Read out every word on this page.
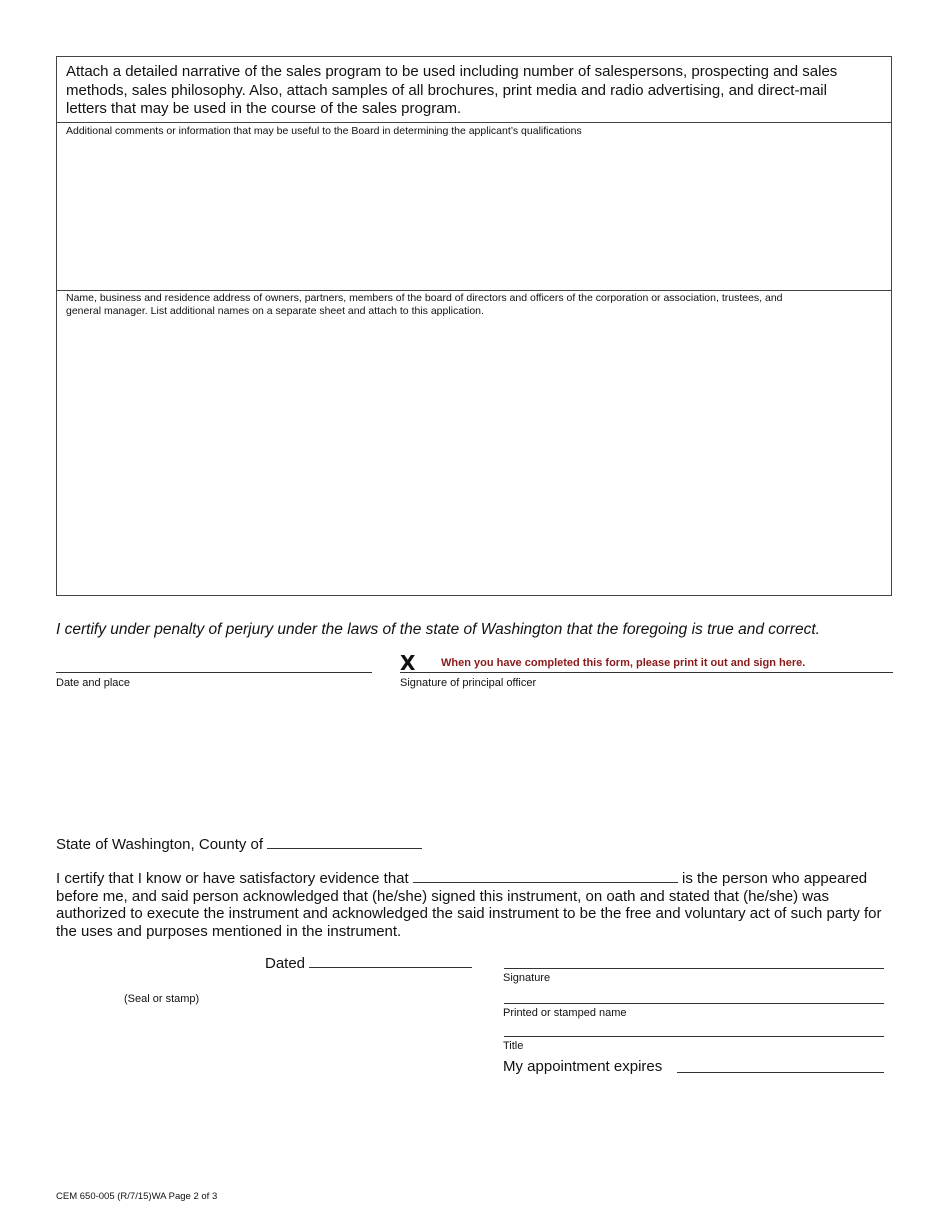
Attach a detailed narrative of the sales program to be used including number of salespersons, prospecting and sales methods, sales philosophy. Also, attach samples of all brochures, print media and radio advertising, and direct-mail letters that may be used in the course of the sales program.
Additional comments or information that may be useful to the Board in determining the applicant’s qualifications
Name, business and residence address of owners, partners, members of the board of directors and officers of the corporation or association, trustees, and
general manager. List additional names on a separate sheet and attach to this application.
I certify under penalty of perjury under the laws of the state of Washington that the foregoing is true and correct.
Date and place
X When you have completed this form, please print it out and sign here.
Signature of principal officer
State of Washington, County of
I certify that I know or have satisfactory evidence that	is the person who appeared before me, and said person acknowledged that (he/she) signed this instrument, on oath and stated that (he/she) was authorized to execute the instrument and acknowledged the said instrument to be the free and voluntary act of such party for the uses and purposes mentioned in the instrument.
Dated
(Seal or stamp)
Signature
Printed or stamped name
Title
My appointment expires
CEM 650-005 (R/7/15)WA Page 2 of 3
